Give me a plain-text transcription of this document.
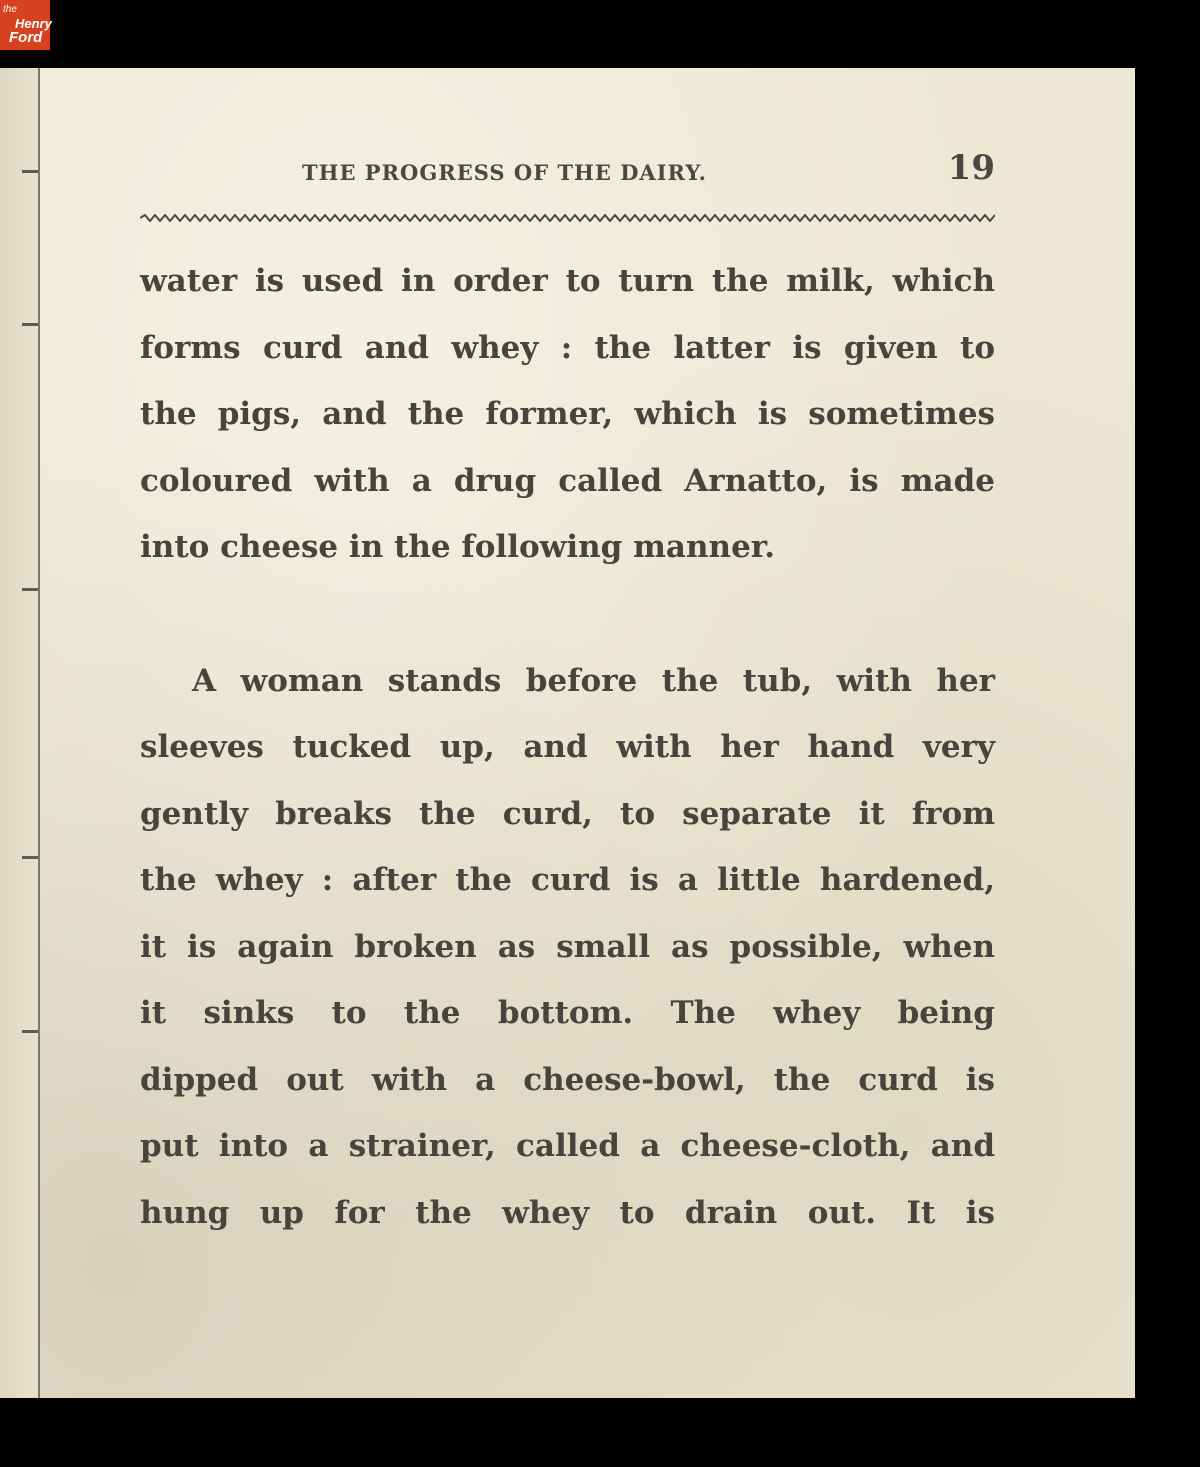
the
Henry
Ford
THE PROGRESS OF THE DAIRY.	19
water is used in order to turn the milk, which
forms curd and whey : the latter is given to
the pigs, and the former, which is sometimes
coloured with a drug called Arnatto, is made
into cheese in the following manner.
A woman stands before the tub, with her
sleeves tucked up, and with her hand very
gently breaks the curd, to separate it from
the whey : after the curd is a little hardened,
it is again broken as small as possible, when
it sinks to the bottom. The whey being
dipped out with a cheese-bowl, the curd is
put into a strainer, called a cheese-cloth, and
hung up for the whey to drain out. It is
